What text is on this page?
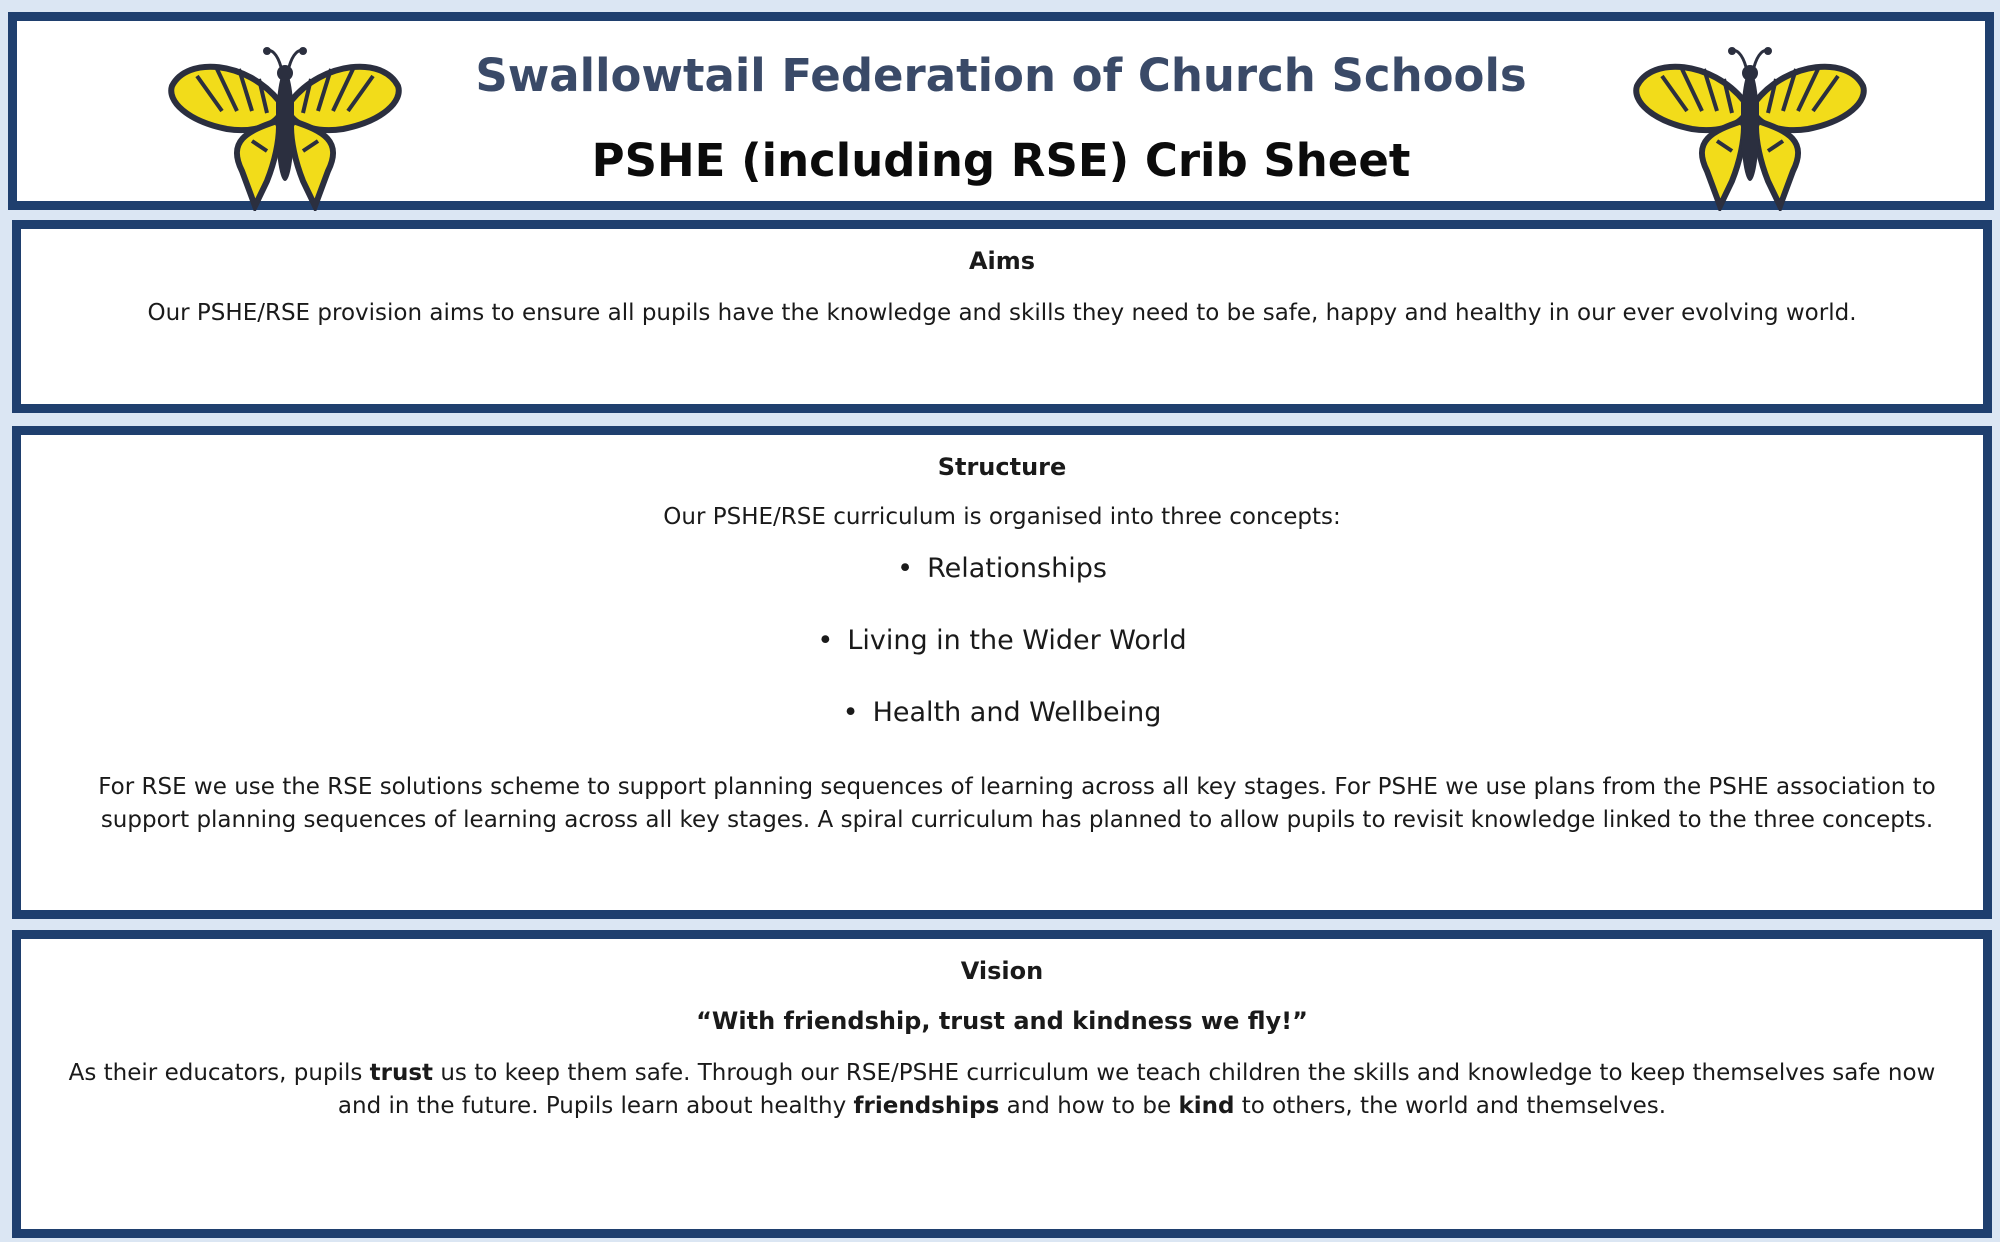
Swallowtail Federation of Church Schools
PSHE (including RSE) Crib Sheet

Aims

Our PSHE/RSE provision aims to ensure all pupils have the knowledge and skills they need to be safe, happy and healthy in our ever evolving world.

Structure

Our PSHE/RSE curriculum is organised into three concepts:

• Relationships

• Living in the Wider World

• Health and Wellbeing

For RSE we use the RSE solutions scheme to support planning sequences of learning across all key stages. For PSHE we use plans from the PSHE association to support planning sequences of learning across all key stages. A spiral curriculum has planned to allow pupils to revisit knowledge linked to the three concepts.

Vision

“With friendship, trust and kindness we fly!”

As their educators, pupils trust us to keep them safe. Through our RSE/PSHE curriculum we teach children the skills and knowledge to keep themselves safe now and in the future. Pupils learn about healthy friendships and how to be kind to others, the world and themselves.
